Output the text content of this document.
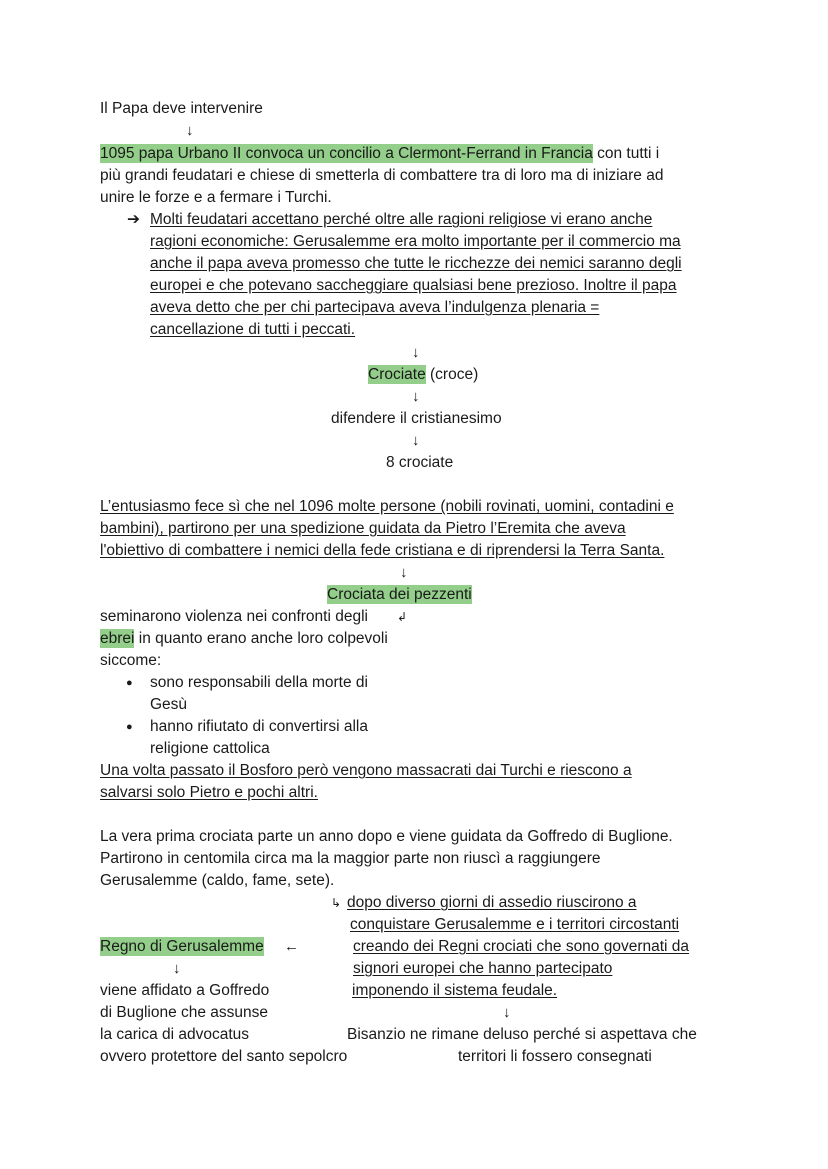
Il Papa deve intervenire
↓
1095 papa Urbano II convoca un concilio a Clermont-Ferrand in Francia con tutti i
più grandi feudatari e chiese di smetterla di combattere tra di loro ma di iniziare ad
unire le forze e a fermare i Turchi.
➔ Molti feudatari accettano perché oltre alle ragioni religiose vi erano anche
ragioni economiche: Gerusalemme era molto importante per il commercio ma
anche il papa aveva promesso che tutte le ricchezze dei nemici saranno degli
europei e che potevano saccheggiare qualsiasi bene prezioso. Inoltre il papa
aveva detto che per chi partecipava aveva l’indulgenza plenaria =
cancellazione di tutti i peccati.
↓
Crociate (croce)
↓
difendere il cristianesimo
↓
8 crociate
L’entusiasmo fece sì che nel 1096 molte persone (nobili rovinati, uomini, contadini e
bambini), partirono per una spedizione guidata da Pietro l’Eremita che aveva
l'obiettivo di combattere i nemici della fede cristiana e di riprendersi la Terra Santa.
↓
Crociata dei pezzenti
seminarono violenza nei confronti degli ↲
ebrei in quanto erano anche loro colpevoli
siccome:
● sono responsabili della morte di
Gesù
● hanno rifiutato di convertirsi alla
religione cattolica
Una volta passato il Bosforo però vengono massacrati dai Turchi e riescono a
salvarsi solo Pietro e pochi altri.
La vera prima crociata parte un anno dopo e viene guidata da Goffredo di Buglione.
Partirono in centomila circa ma la maggior parte non riuscì a raggiungere
Gerusalemme (caldo, fame, sete).
↳ dopo diverso giorni di assedio riuscirono a
conquistare Gerusalemme e i territori circostanti
creando dei Regni crociati che sono governati da
signori europei che hanno partecipato
imponendo il sistema feudale.
↓
Bisanzio ne rimane deluso perché si aspettava che
territori li fossero consegnati
Regno di Gerusalemme ←
↓
viene affidato a Goffredo
di Buglione che assunse
la carica di advocatus
ovvero protettore del santo sepolcro
